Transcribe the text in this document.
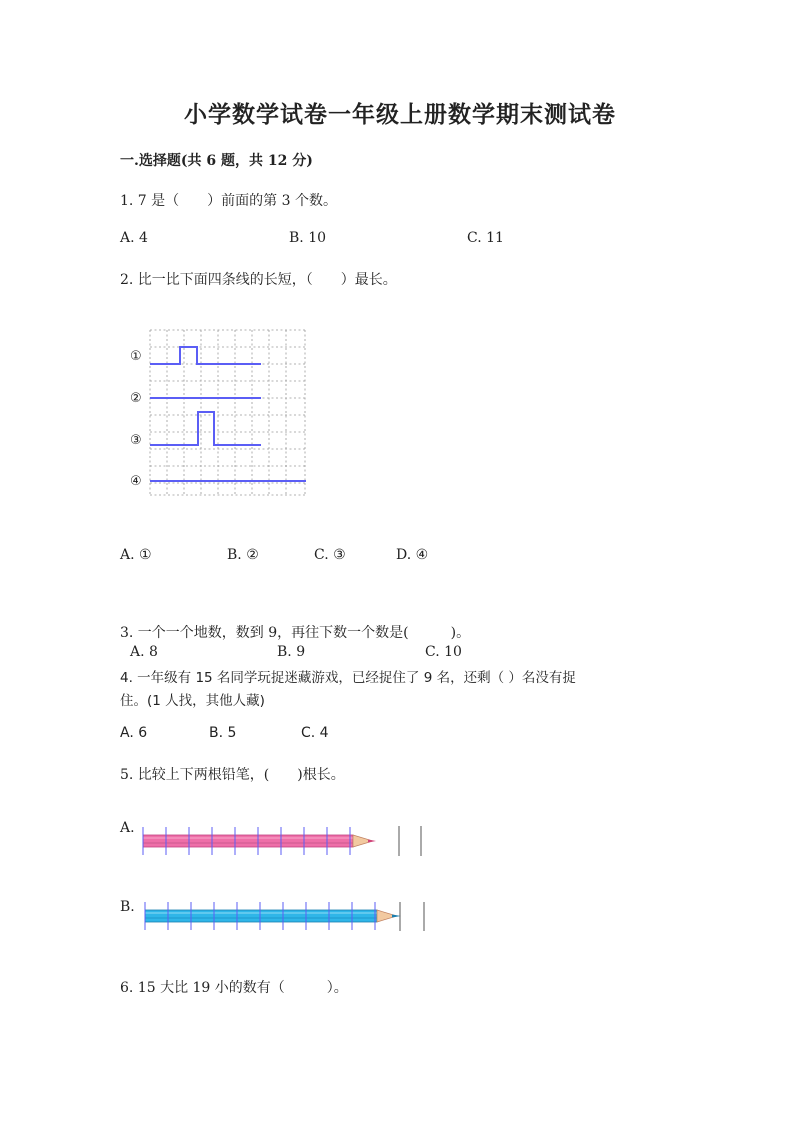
小学数学试卷一年级上册数学期末测试卷
一.选择题(共 6 题，共 12 分)
1. 7 是（　　）前面的第 3 个数。
A. 4	B. 10	C. 11
2. 比一比下面四条线的长短，（　　）最长。
①
②
③
④
A. ①	B. ②	C. ③	D. ④
3. 一个一个地数，数到 9，再往下数一个数是(　　　)。
A. 8	B. 9	C. 10
4. 一年级有 15 名同学玩捉迷藏游戏，已经捉住了 9 名，还剩（ ）名没有捉
住。(1 人找，其他人藏)
A. 6	B. 5	C. 4
5. 比较上下两根铅笔，(　　)根长。
A.
B.
6. 15 大比 19 小的数有（　　　）。
